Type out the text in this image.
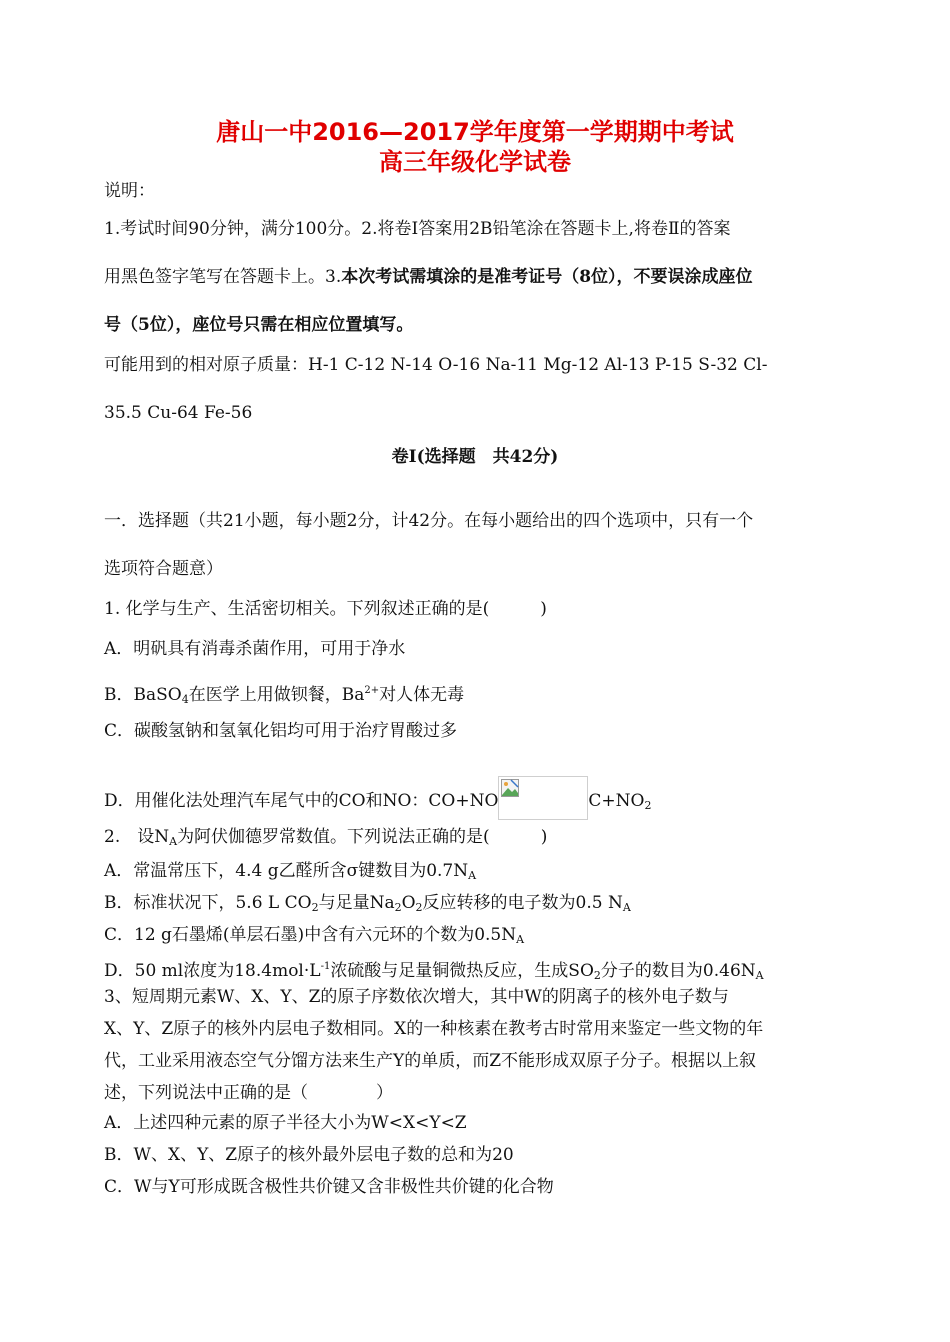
唐山一中2016—2017学年度第一学期期中考试
高三年级化学试卷
说明：
1.考试时间90分钟，满分100分。2.将卷Ⅰ答案用2B铅笔涂在答题卡上,将卷Ⅱ的答案
用黑色签字笔写在答题卡上。3.本次考试需填涂的是准考证号（8位），不要误涂成座位
号（5位），座位号只需在相应位置填写。
可能用到的相对原子质量：H-1 C-12 N-14 O-16 Na-11 Mg-12 Al-13 P-15 S-32 Cl-
35.5 Cu-64 Fe-56
卷Ⅰ(选择题　共42分)
一．选择题（共21小题，每小题2分，计42分。在每小题给出的四个选项中，只有一个
选项符合题意）
1. 化学与生产、生活密切相关。下列叙述正确的是(　　　)
A．明矾具有消毒杀菌作用，可用于净水
B．BaSO$_4$在医学上用做钡餐，$Ba^{2+}$对人体无毒
C．碳酸氢钠和氢氧化铝均可用于治疗胃酸过多
D．用催化法处理汽车尾气中的CO和NO：CO+NO	$C+NO_2$
2.　设$N_A$为阿伏伽德罗常数值。下列说法正确的是(　　　)
A．常温常压下，4.4 g乙醛所含σ键数目为$0.7N_A$
B．标准状况下，5.6 L $CO_2$与足量$Na_2O_2$反应转移的电子数为0.5 $N_A$
C．12 g石墨烯(单层石墨)中含有六元环的个数为$0.5N_A$
D．50 ml浓度为$18.4mol\cdot L^{-1}$浓硫酸与足量铜微热反应，生成$SO_2$分子的数目为$0.46N_A$
3、短周期元素W、X、Y、Z的原子序数依次增大，其中W的阴离子的核外电子数与
X、Y、Z原子的核外内层电子数相同。X的一种核素在教考古时常用来鉴定一些文物的年
代，工业采用液态空气分馏方法来生产Y的单质，而Z不能形成双原子分子。根据以上叙
述，下列说法中正确的是（　　　　）
A．上述四种元素的原子半径大小为W<X<Y<Z
B．W、X、Y、Z原子的核外最外层电子数的总和为20
C．W与Y可形成既含极性共价键又含非极性共价键的化合物
